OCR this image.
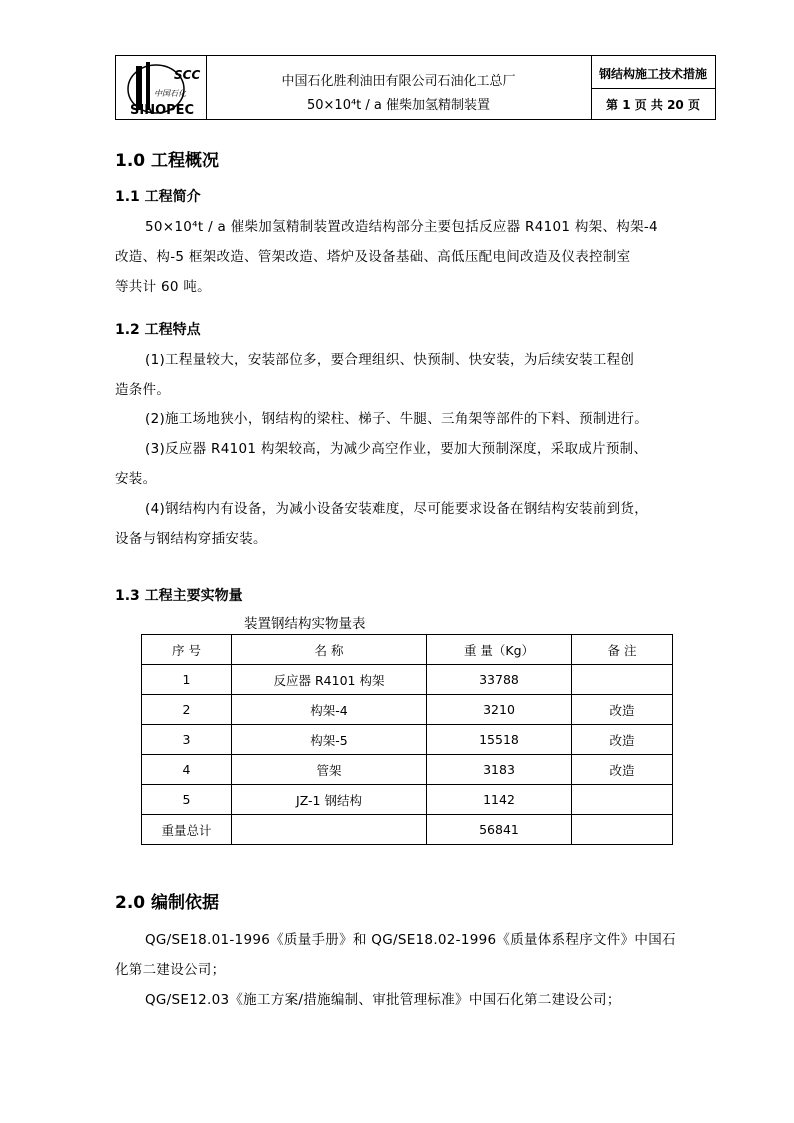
SCC
SINOPEC
中国石化
中国石化胜利油田有限公司石油化工总厂
50×10⁴t / a 催柴加氢精制装置
钢结构施工技术措施
第 1 页 共 20 页
1.0 工程概况
1.1 工程简介
50×10⁴t / a 催柴加氢精制装置改造结构部分主要包括反应器 R4101 构架、构架-4
改造、构-5 框架改造、管架改造、塔炉及设备基础、高低压配电间改造及仪表控制室
等共计 60 吨。
1.2 工程特点
(1)工程量较大，安装部位多，要合理组织、快预制、快安装，为后续安装工程创
造条件。
(2)施工场地狭小，钢结构的梁柱、梯子、牛腿、三角架等部件的下料、预制进行。
(3)反应器 R4101 构架较高，为减少高空作业，要加大预制深度，采取成片预制、
安装。
(4)钢结构内有设备，为减小设备安装难度，尽可能要求设备在钢结构安装前到货，
设备与钢结构穿插安装。
1.3 工程主要实物量
装置钢结构实物量表
序 号	名 称	重 量（Kg）	备 注
1	反应器 R4101 构架	33788	
2	构架-4	3210	改造
3	构架-5	15518	改造
4	管架	3183	改造
5	JZ-1 钢结构	1142	
重量总计		56841	
2.0 编制依据
QG/SE18.01-1996《质量手册》和 QG/SE18.02-1996《质量体系程序文件》中国石
化第二建设公司；
QG/SE12.03《施工方案/措施编制、审批管理标准》中国石化第二建设公司；
